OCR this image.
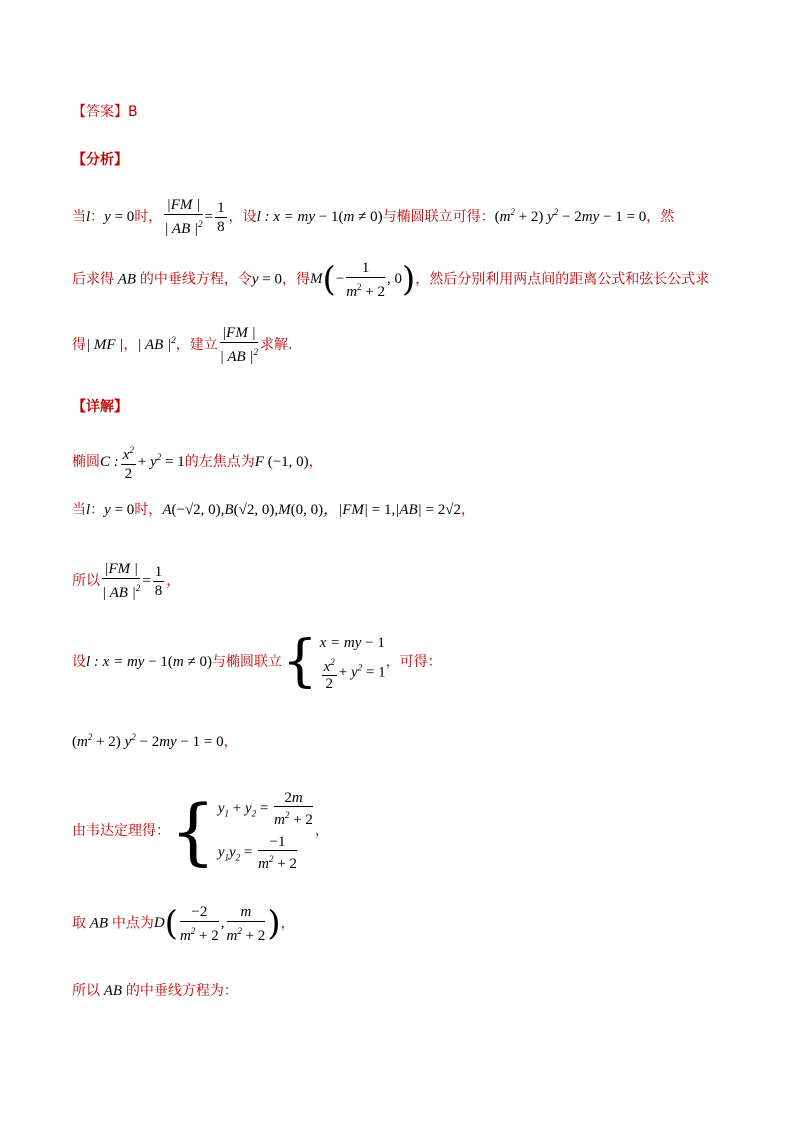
【答案】B
【分析】
当l：y = 0时， $\frac{|FM |}{| AB |^2} = \frac{1}{8}$ ，设l : x = my − 1(m ≠ 0)与椭圆联立可得：$(m^2 + 2) y^2 - 2my - 1 = 0$，然
后求得 AB 的中垂线方程，令y = 0，得$M(- \frac{1}{m^2 + 2}$ , 0)，然后分别利用两点间的距离公式和弦长公式求
得| MF |，| AB $|^2$，建立 $\frac{|FM |}{| AB |^2}$ 求解.
【详解】
椭圆C : $\frac{x^2}{2} + y^2 = 1$的左焦点为F (−1, 0)，
当l：y = 0时，A(−√2, 0),B(√2, 0),M(0, 0)，|FM| = 1,|AB| = 2√2，
所以 $\frac{|FM |}{| AB |^2} = \frac{1}{8}$ ，
设l : x = my − 1(m ≠ 0)与椭圆联立{ x = my − 1
$\frac{x^2}{2} + y^2 = 1$
，可得：
$(m^2 + 2) y^2 - 2my - 1 = 0$，
由韦达定理得：{ $y_1 + y_2 = \frac{2m}{m^2 + 2}$
$y_1y_2 = \frac{-1}{m^2 + 2}$
，
取 AB 中点为$D( \frac{-2}{m^2 + 2}$ , $\frac{m}{m^2 + 2}$ )，
所以 AB 的中垂线方程为：
